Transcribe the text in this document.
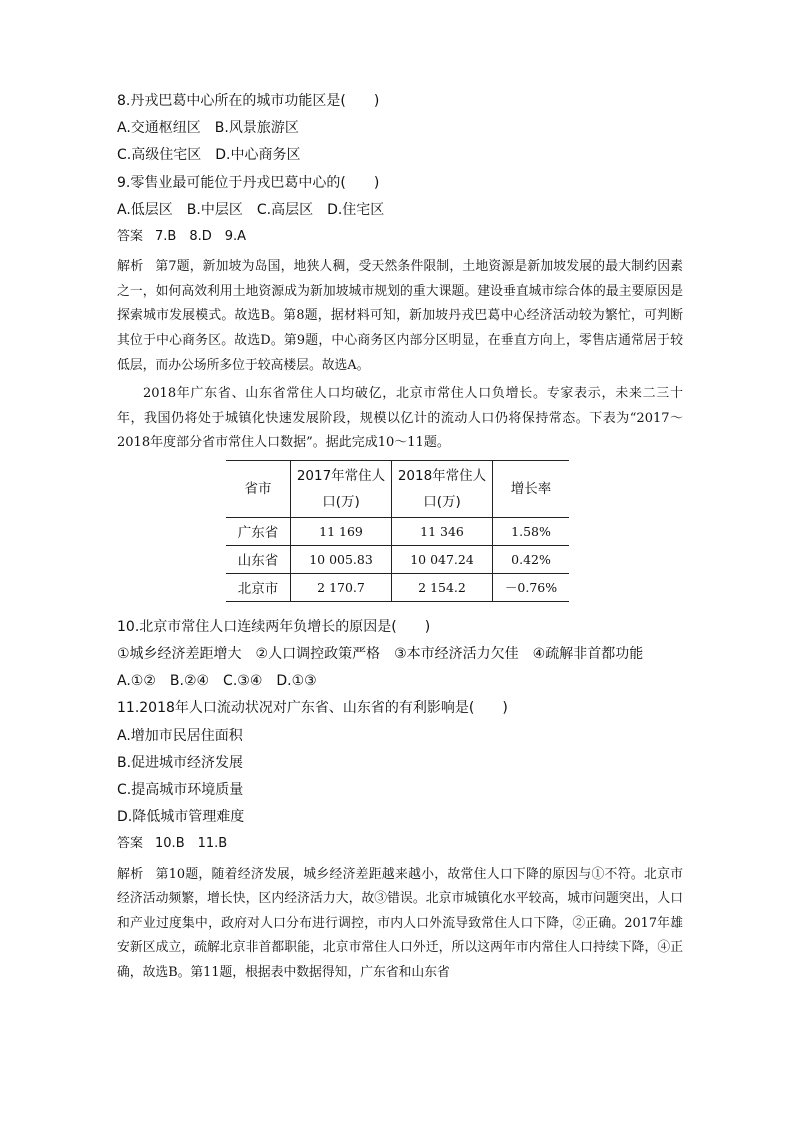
8.丹戎巴葛中心所在的城市功能区是(　　)
A.交通枢纽区 B.风景旅游区
C.高级住宅区 D.中心商务区
9.零售业最可能位于丹戎巴葛中心的(　　)
A.低层区 B.中层区 C.高层区 D.住宅区
答案 7.B　8.D　9.A

解析 第7题，新加坡为岛国，地狭人稠，受天然条件限制，土地资源是新加坡发展的最大制约因素之一，如何高效利用土地资源成为新加坡城市规划的重大课题。建设垂直城市综合体的最主要原因是探索城市发展模式。故选B。第8题，据材料可知，新加坡丹戎巴葛中心经济活动较为繁忙，可判断其位于中心商务区。故选D。第9题，中心商务区内部分区明显，在垂直方向上，零售店通常居于较低层，而办公场所多位于较高楼层。故选A。

2018年广东省、山东省常住人口均破亿，北京市常住人口负增长。专家表示，未来二三十年，我国仍将处于城镇化快速发展阶段，规模以亿计的流动人口仍将保持常态。下表为“2017～2018年度部分省市常住人口数据”。据此完成10～11题。

省市	2017年常住人口(万)	2018年常住人口(万)	增长率
广东省	11 169	11 346	1.58%
山东省	10 005.83	10 047.24	0.42%
北京市	2 170.7	2 154.2	－0.76%
10.北京市常住人口连续两年负增长的原因是(　　)
①城乡经济差距增大　②人口调控政策严格　③本市经济活力欠佳　④疏解非首都功能
A.①② B.②④ C.③④ D.①③
11.2018年人口流动状况对广东省、山东省的有利影响是(　　)
A.增加市民居住面积
B.促进城市经济发展
C.提高城市环境质量
D.降低城市管理难度
答案 10.B　11.B

解析 第10题，随着经济发展，城乡经济差距越来越小，故常住人口下降的原因与①不符。北京市经济活动频繁，增长快，区内经济活力大，故③错误。北京市城镇化水平较高，城市问题突出，人口和产业过度集中，政府对人口分布进行调控，市内人口外流导致常住人口下降，②正确。2017年雄安新区成立，疏解北京非首都职能，北京市常住人口外迁，所以这两年市内常住人口持续下降，④正确，故选B。第11题，根据表中数据得知，广东省和山东省
